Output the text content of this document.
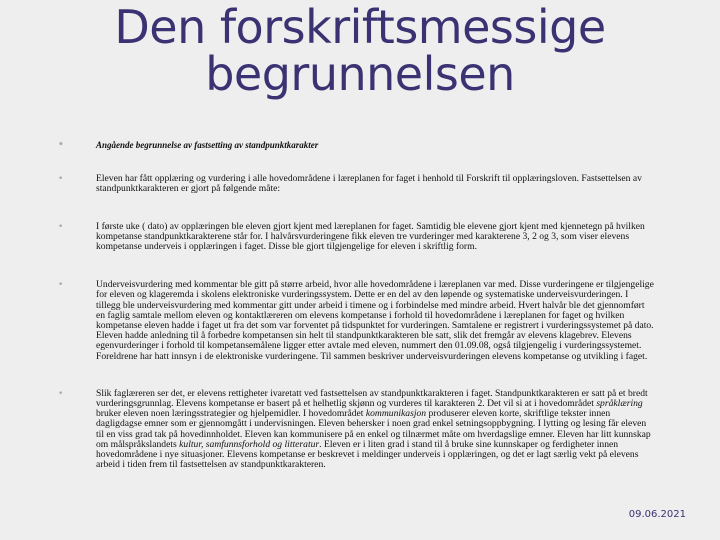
Den forskriftsmessige
begrunnelsen
•	Angående begrunnelse av fastsetting av standpunktkarakter
•	Eleven har fått opplæring og vurdering i alle hovedområdene i læreplanen for faget i henhold til Forskrift til opplæringsloven. Fastsettelsen av standpunktkarakteren er gjort på følgende måte:
•	I første uke ( dato) av opplæringen ble eleven gjort kjent med læreplanen for faget. Samtidig ble elevene gjort kjent med kjennetegn på hvilken kompetanse standpunktkarakterene står for. I halvårsvurderingene fikk eleven tre vurderinger med karakterene 3, 2 og 3, som viser elevens kompetanse underveis i opplæringen i faget. Disse ble gjort tilgjengelige for eleven i skriftlig form.
•	Underveisvurdering med kommentar ble gitt på større arbeid, hvor alle hovedområdene i læreplanen var med. Disse vurderingene er tilgjengelige for eleven og klageremda i skolens elektroniske vurderingssystem. Dette er en del av den løpende og systematiske underveisvurderingen. I tillegg ble underveisvurdering med kommentar gitt under arbeid i timene og i forbindelse med mindre arbeid. Hvert halvår ble det gjennomført en faglig samtale mellom eleven og kontaktlæreren om elevens kompetanse i forhold til hovedområdene i læreplanen for faget og hvilken kompetanse eleven hadde i faget ut fra det som var forventet på tidspunktet for vurderingen. Samtalene er registrert i vurderingssystemet på dato. Eleven hadde anledning til å forbedre kompetansen sin helt til standpunktkarakteren ble satt, slik det fremgår av elevens klagebrev. Elevens egenvurderinger i forhold til kompetansemålene ligger etter avtale med eleven, nummert den 01.09.08, også tilgjengelig i vurderingssystemet. Foreldrene har hatt innsyn i de elektroniske vurderingene. Til sammen beskriver underveisvurderingen elevens kompetanse og utvikling i faget.
•	Slik faglæreren ser det, er elevens rettigheter ivaretatt ved fastsettelsen av standpunktkarakteren i faget. Standpunktkarakteren er satt på et bredt vurderingsgrunnlag. Elevens kompetanse er basert på et helhetlig skjønn og vurderes til karakteren 2. Det vil si at i hovedområdet språklæring bruker eleven noen læringsstrategier og hjelpemidler. I hovedområdet kommunikasjon produserer eleven korte, skriftlige tekster innen dagligdagse emner som er gjennomgått i undervisningen. Eleven behersker i noen grad enkel setningsoppbygning. I lytting og lesing får eleven til en viss grad tak på hovedinnholdet. Eleven kan kommunisere på en enkel og tilnærmet måte om hverdagslige emner. Eleven har litt kunnskap om målspråkslandets kultur, samfunnsforhold og litteratur. Eleven er i liten grad i stand til å bruke sine kunnskaper og ferdigheter innen hovedområdene i nye situasjoner. Elevens kompetanse er beskrevet i meldinger underveis i opplæringen, og det er lagt særlig vekt på elevens arbeid i tiden frem til fastsettelsen av standpunktkarakteren.
09.06.2021
